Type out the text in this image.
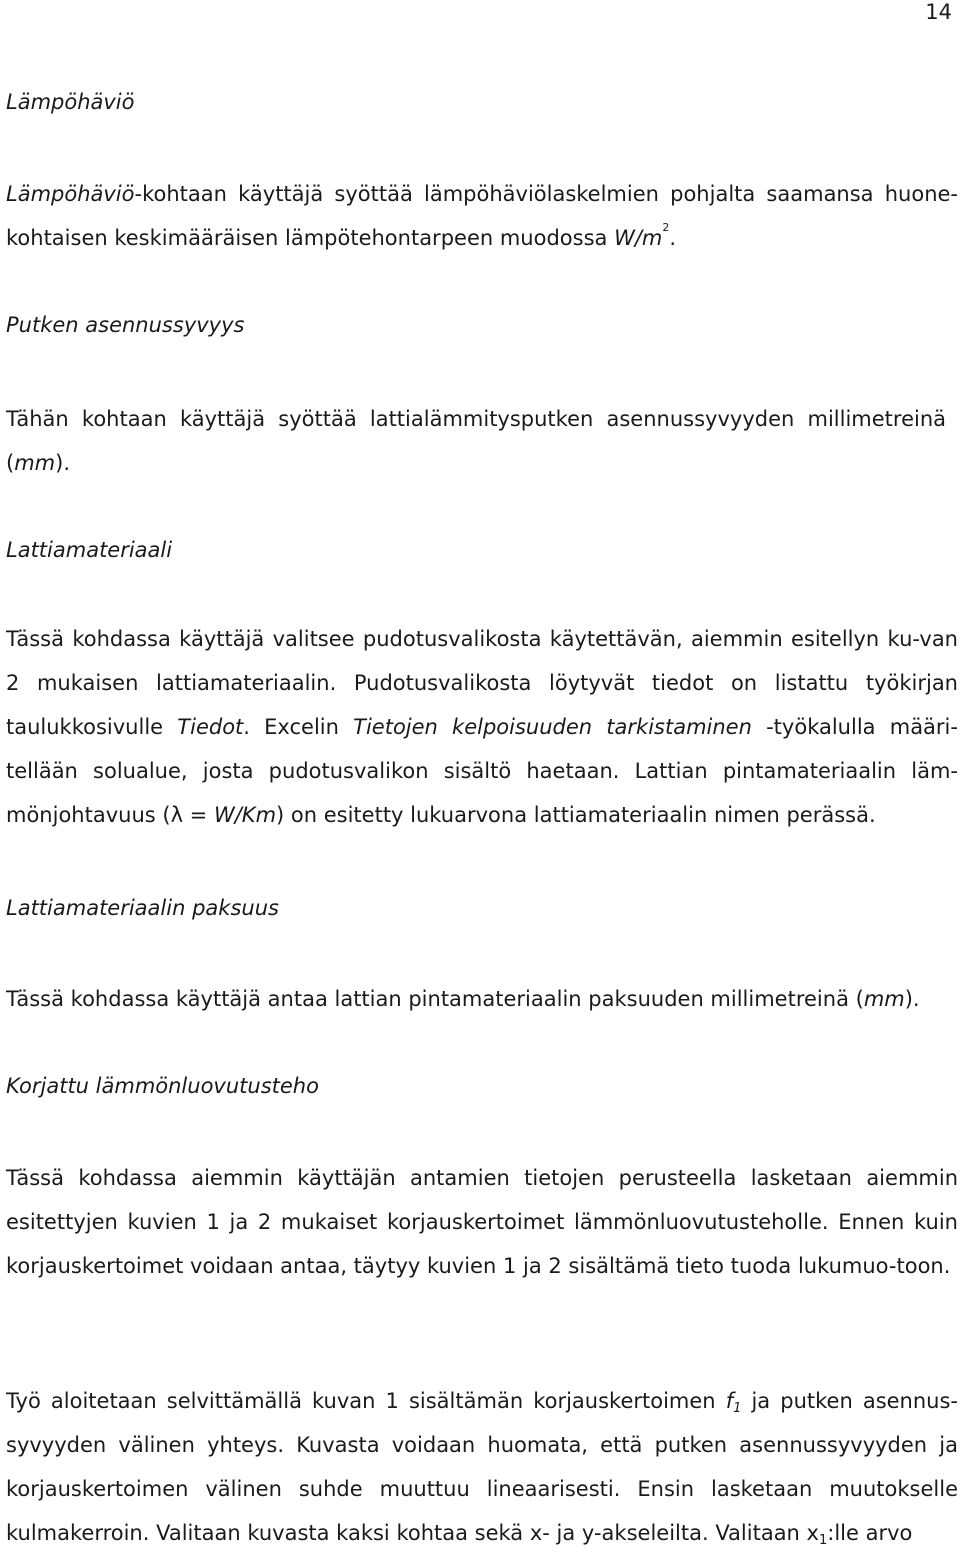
14
Lämpöhäviö
Lämpöhäviö-kohtaan käyttäjä syöttää lämpöhäviölaskelmien pohjalta saamansa huone-kohtaisen keskimääräisen lämpötehontarpeen muodossa $W/m^2$.
Putken asennussyvyys
Tähän kohtaan käyttäjä syöttää lattialämmitysputken asennussyvyyden millimetreinä (mm).
Lattiamateriaali
Tässä kohdassa käyttäjä valitsee pudotusvalikosta käytettävän, aiemmin esitellyn ku-van 2 mukaisen lattiamateriaalin. Pudotusvalikosta löytyvät tiedot on listattu työkirjan taulukkosivulle Tiedot. Excelin Tietojen kelpoisuuden tarkistaminen -työkalulla määri-tellään solualue, josta pudotusvalikon sisältö haetaan. Lattian pintamateriaalin läm-mönjohtavuus (λ = W/Km) on esitetty lukuarvona lattiamateriaalin nimen perässä.
Lattiamateriaalin paksuus
Tässä kohdassa käyttäjä antaa lattian pintamateriaalin paksuuden millimetreinä (mm).
Korjattu lämmönluovutusteho
Tässä kohdassa aiemmin käyttäjän antamien tietojen perusteella lasketaan aiemmin esitettyjen kuvien 1 ja 2 mukaiset korjauskertoimet lämmönluovutusteholle. Ennen kuin korjauskertoimet voidaan antaa, täytyy kuvien 1 ja 2 sisältämä tieto tuoda lukumuo-toon.
Työ aloitetaan selvittämällä kuvan 1 sisältämän korjauskertoimen $f_1$ ja putken asennus-syvyyden välinen yhteys. Kuvasta voidaan huomata, että putken asennussyvyyden ja korjauskertoimen välinen suhde muuttuu lineaarisesti. Ensin lasketaan muutokselle kulmakerroin. Valitaan kuvasta kaksi kohtaa sekä x- ja y-akseleilta. Valitaan $x_1:lle$ arvo
